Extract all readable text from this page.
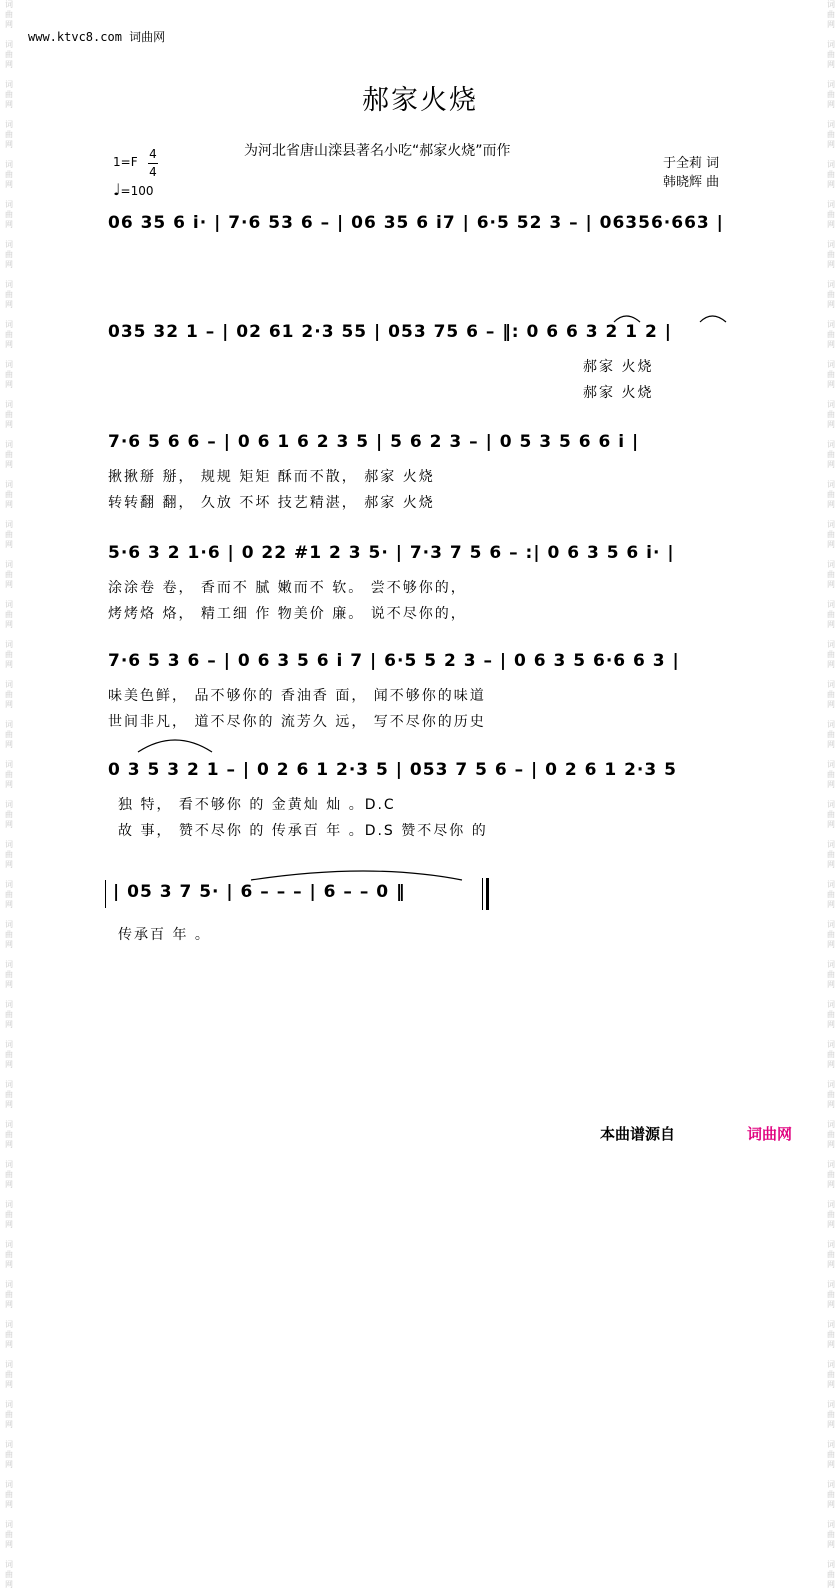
词
曲
网

词
曲
网

词
曲
网

词
曲
网

词
曲
网

词
曲
网

词
曲
网

词
曲
网

词
曲
网

词
曲
网

词
曲
网

词
曲
网

词
曲
网

词
曲
网

词
曲
网

词
曲
网

词
曲
网

词
曲
网

词
曲
网

词
曲
网

词
曲
网

词
曲
网

词
曲
网

词
曲
网

词
曲
网

词
曲
网

词
曲
网

词
曲
网

词
曲
网

词
曲
网

词
曲
网

词
曲
网

词
曲
网

词
曲
网

词
曲
网

词
曲
网

词
曲
网

词
曲
网

词
曲
网

词
曲
网

词
曲
网

词
曲
网

词
曲
网

词
曲
网

词
曲
网

词
曲
网

词
曲
网

词
曲
网

词
曲
网

词
曲
网

词
曲
网

词
曲
网

词
曲
网

词
曲
网

词
曲
网

词
曲
网

词
曲
网

词
曲
网

词
曲
网

词
曲
网

词
曲
网

词
曲
网

词
曲
网

词
曲
网

词
曲
网

词
曲
网

词
曲
网

词
曲
网

词
曲
网

词
曲
网

词
曲
网

词
曲
网

词
曲
网

词
曲
网

词
曲
网

词
曲
网

词
曲
网

词
曲
网

词
曲
网

词
曲
网

www.ktvc8.com 词曲网
郝家火烧
为河北省唐山滦县著名小吃“郝家火烧”而作
1=F
4
4
♩=100
于全莉 词
韩晓辉 曲
06 35 6 i· | 7·6 53 6 – | 06 35 6 i7 | 6·5 52 3 – | 06356·663 |
035 32 1 – | 02 61 2·3 55 | 053 75 6 – ‖: 0 6 6 3 2 1 2 |
郝家 火烧
郝家 火烧
7·6 5 6 6 – | 0 6 1 6 2 3 5 | 5 6 2 3 – | 0 5 3 5 6 6 i |
揪揪掰 掰， 规规 矩矩 酥而不散， 郝家 火烧
转转翻 翻， 久放 不坏 技艺精湛， 郝家 火烧
5·6 3 2 1·6 | 0 22 #1 2 3 5· | 7·3 7 5 6 – :| 0 6 3 5 6 i· |
涂涂卷 卷， 香而不 腻 嫩而不 软。 尝不够你的，
烤烤烙 烙， 精工细 作 物美价 廉。 说不尽你的，
7·6 5 3 6 – | 0 6 3 5 6 i 7 | 6·5 5 2 3 – | 0 6 3 5 6·6 6 3 |
味美色鲜， 品不够你的 香油香 面， 闻不够你的味道
世间非凡， 道不尽你的 流芳久 远， 写不尽你的历史
0 3 5 3 2 1 – | 0 2 6 1 2·3 5 | 053 7 5 6 – | 0 2 6 1 2·3 5
独 特， 看不够你 的 金黄灿 灿 。D.C
故 事， 赞不尽你 的 传承百 年 。D.S 赞不尽你 的
| 05 3 7 5· | 6 – – – | 6 – – 0 ‖
传承百 年 。
本曲谱源自	词曲网
